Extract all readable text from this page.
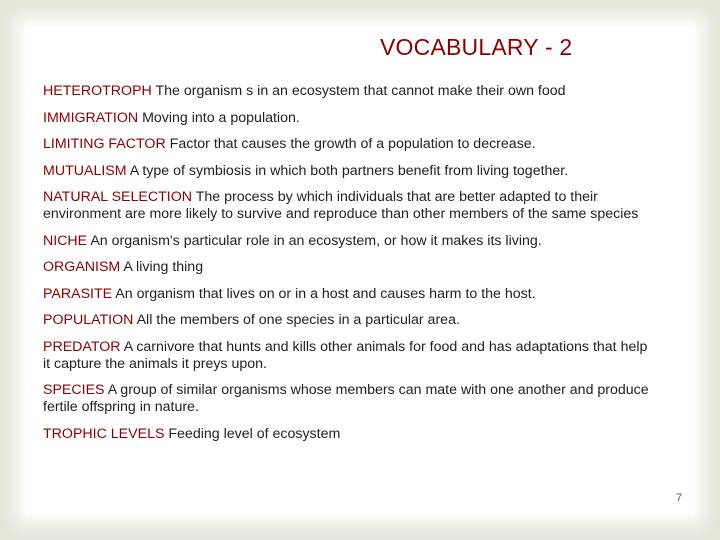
VOCABULARY - 2
HETEROTROPH The organism s in an ecosystem that cannot make their own food
IMMIGRATION Moving into a population.
LIMITING FACTOR Factor that causes the growth of a population to decrease.
MUTUALISM A type of symbiosis in which both partners benefit from living together.
NATURAL SELECTION The process by which individuals that are better adapted to their environment are more likely to survive and reproduce than other members of the same species
NICHE An organism's particular role in an ecosystem, or how it makes its living.
ORGANISM A living thing
PARASITE An organism that lives on or in a host and causes harm to the host.
POPULATION All the members of one species in a particular area.
PREDATOR A carnivore that hunts and kills other animals for food and has adaptations that help it capture the animals it preys upon.
SPECIES A group of similar organisms whose members can mate with one another and produce fertile offspring in nature.
TROPHIC LEVELS Feeding level of ecosystem
7
